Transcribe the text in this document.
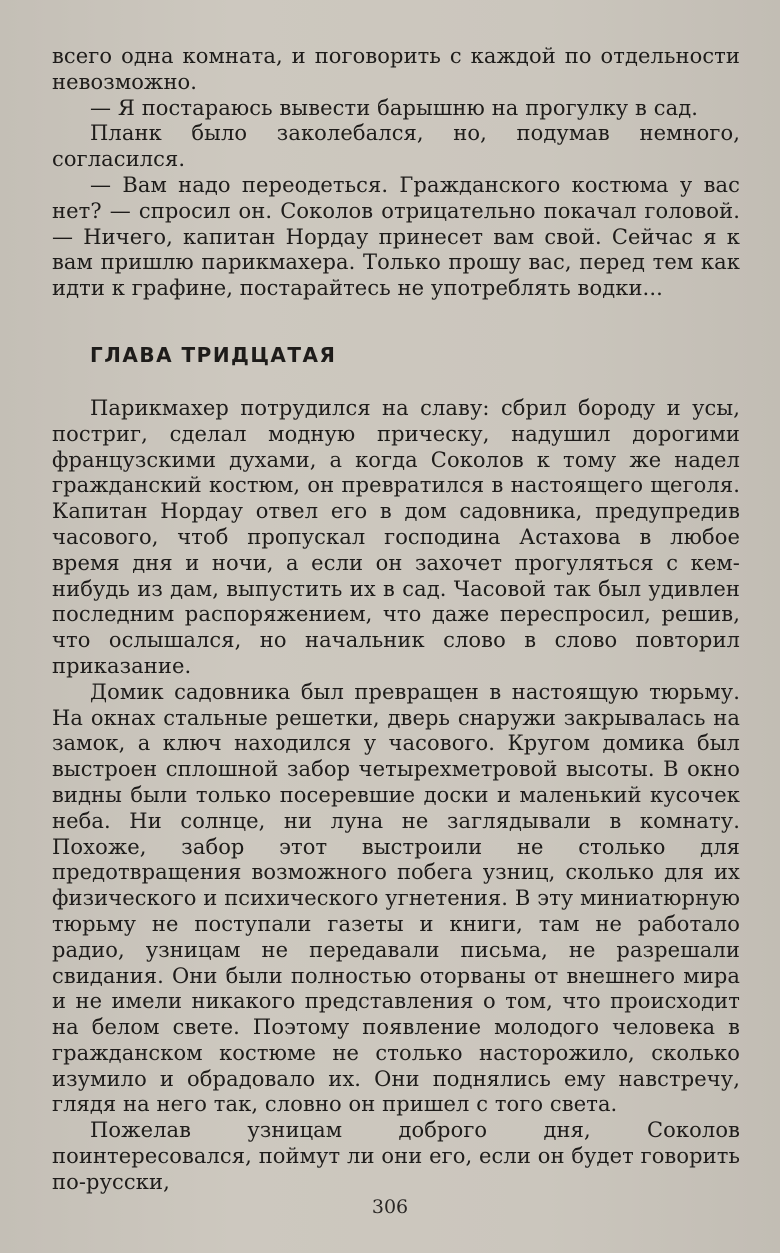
всего одна комната, и поговорить с каждой по отдельности невозможно.

— Я постараюсь вывести барышню на прогулку в сад.

Планк было заколебался, но, подумав немного, согласился.

— Вам надо переодеться. Гражданского костюма у вас нет? — спросил он. Соколов отрицательно покачал головой.— Ничего, капитан Нордау принесет вам свой. Сейчас я к вам пришлю парикмахера. Только прошу вас, перед тем как идти к графине, постарайтесь не употреблять водки...

ГЛАВА ТРИДЦАТАЯ

Парикмахер потрудился на славу: сбрил бороду и усы, постриг, сделал модную прическу, надушил дорогими французскими духами, а когда Соколов к тому же надел гражданский костюм, он превратился в настоящего щеголя. Капитан Нордау отвел его в дом садовника, предупредив часового, чтоб пропускал господина Астахова в любое время дня и ночи, а если он захочет прогуляться с кем-нибудь из дам, выпустить их в сад. Часовой так был удивлен последним распоряжением, что даже переспросил, решив, что ослышался, но начальник слово в слово повторил приказание.

Домик садовника был превращен в настоящую тюрьму. На окнах стальные решетки, дверь снаружи закрывалась на замок, а ключ находился у часового. Кругом домика был выстроен сплошной забор четырехметровой высоты. В окно видны были только посеревшие доски и маленький кусочек неба. Ни солнце, ни луна не заглядывали в комнату. Похоже, забор этот выстроили не столько для предотвращения возможного побега узниц, сколько для их физического и психического угнетения. В эту миниатюрную тюрьму не поступали газеты и книги, там не работало радио, узницам не передавали письма, не разрешали свидания. Они были полностью оторваны от внешнего мира и не имели никакого представления о том, что происходит на белом свете. Поэтому появление молодого человека в гражданском костюме не столько насторожило, сколько изумило и обрадовало их. Они поднялись ему навстречу, глядя на него так, словно он пришел с того света.

Пожелав узницам доброго дня, Соколов поинтересовался, поймут ли они его, если он будет говорить по-русски,

306
